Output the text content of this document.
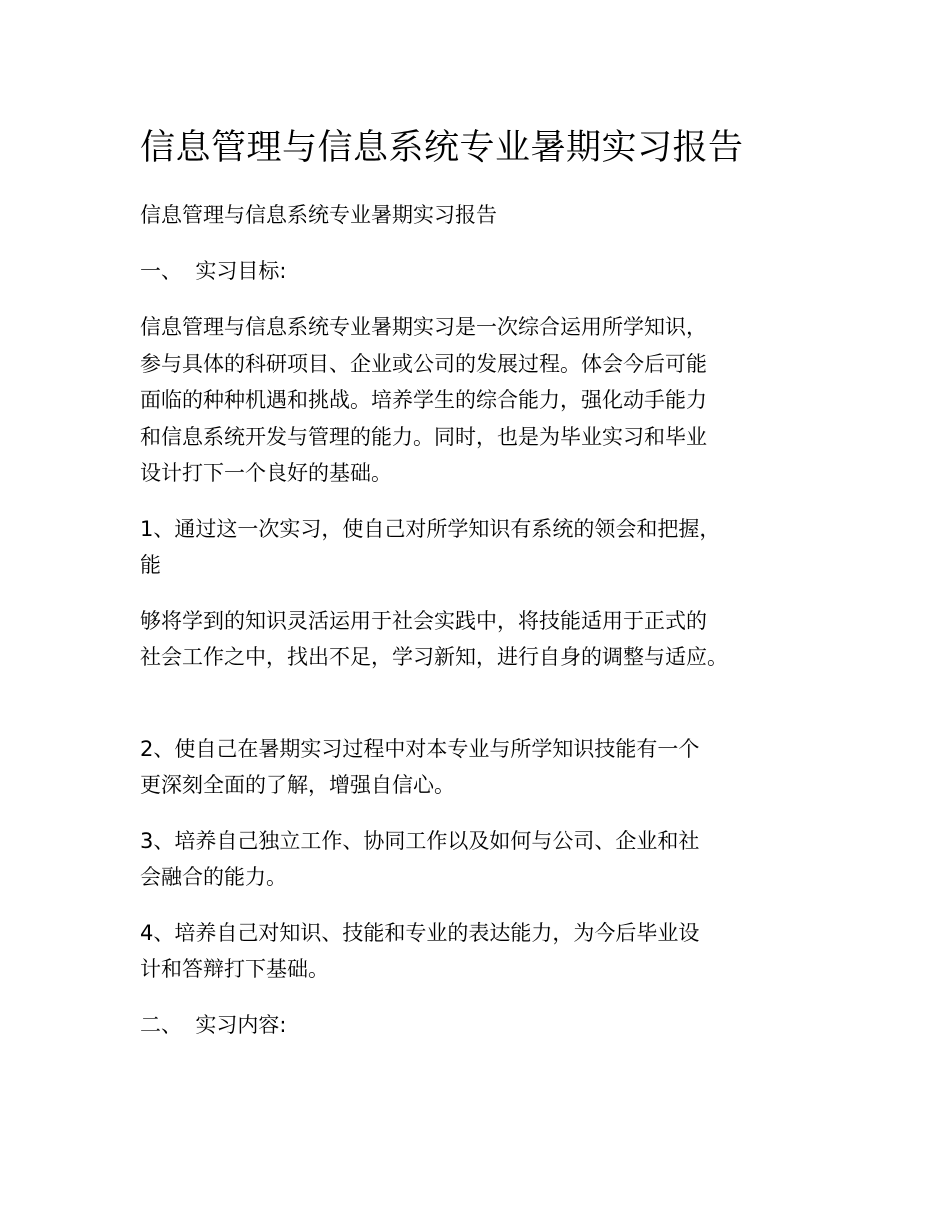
信息管理与信息系统专业暑期实习报告
信息管理与信息系统专业暑期实习报告
一、  实习目标:
信息管理与信息系统专业暑期实习是一次综合运用所学知识，
参与具体的科研项目、企业或公司的发展过程。体会今后可能
面临的种种机遇和挑战。培养学生的综合能力，强化动手能力
和信息系统开发与管理的能力。同时，也是为毕业实习和毕业
设计打下一个良好的基础。
1、通过这一次实习，使自己对所学知识有系统的领会和把握，
能
够将学到的知识灵活运用于社会实践中，将技能适用于正式的
社会工作之中，找出不足，学习新知，进行自身的调整与适应。
2、使自己在暑期实习过程中对本专业与所学知识技能有一个
更深刻全面的了解，增强自信心。
3、培养自己独立工作、协同工作以及如何与公司、企业和社
会融合的能力。
4、培养自己对知识、技能和专业的表达能力，为今后毕业设
计和答辩打下基础。
二、  实习内容:
